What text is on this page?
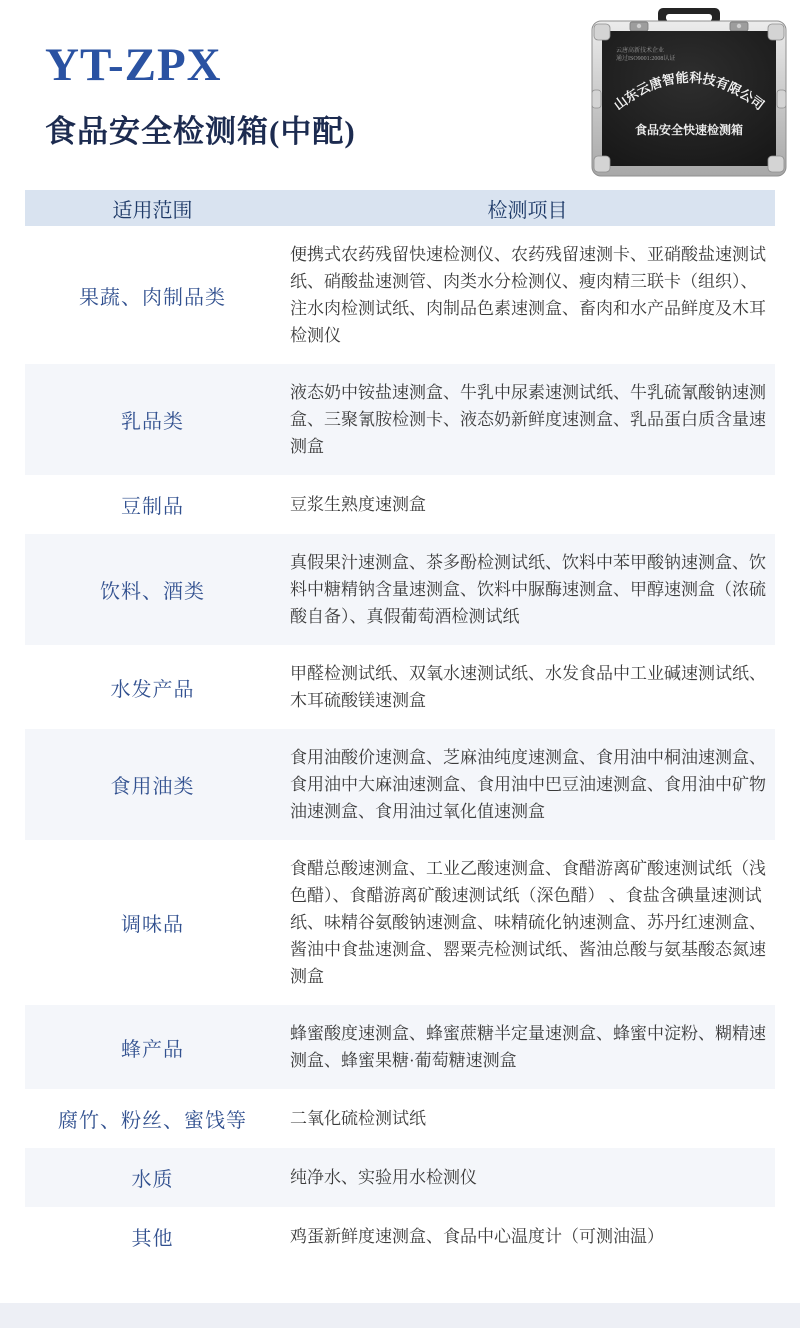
YT-ZPX
食品安全检测箱(中配)
云唐高新技术企业
通过ISO9001:2008认证
山东云唐智能科技有限公司
食品安全快速检测箱
适用范围	检测项目
果蔬、肉制品类	便携式农药残留快速检测仪、农药残留速测卡、亚硝酸盐速测试纸、硝酸盐速测管、肉类水分检测仪、瘦肉精三联卡（组织）、注水肉检测试纸、肉制品色素速测盒、畜肉和水产品鲜度及木耳检测仪
乳品类	液态奶中铵盐速测盒、牛乳中尿素速测试纸、牛乳硫氰酸钠速测盒、三聚氰胺检测卡、液态奶新鲜度速测盒、乳品蛋白质含量速测盒
豆制品	豆浆生熟度速测盒
饮料、酒类	真假果汁速测盒、茶多酚检测试纸、饮料中苯甲酸钠速测盒、饮料中糖精钠含量速测盒、饮料中脲酶速测盒、甲醇速测盒（浓硫酸自备）、真假葡萄酒检测试纸
水发产品	甲醛检测试纸、双氧水速测试纸、水发食品中工业碱速测试纸、木耳硫酸镁速测盒
食用油类	食用油酸价速测盒、芝麻油纯度速测盒、食用油中桐油速测盒、食用油中大麻油速测盒、食用油中巴豆油速测盒、食用油中矿物油速测盒、食用油过氧化值速测盒
调味品	食醋总酸速测盒、工业乙酸速测盒、食醋游离矿酸速测试纸（浅色醋）、食醋游离矿酸速测试纸（深色醋） 、食盐含碘量速测试纸、味精谷氨酸钠速测盒、味精硫化钠速测盒、苏丹红速测盒、酱油中食盐速测盒、罂粟壳检测试纸、酱油总酸与氨基酸态氮速测盒
蜂产品	蜂蜜酸度速测盒、蜂蜜蔗糖半定量速测盒、蜂蜜中淀粉、糊精速测盒、蜂蜜果糖·葡萄糖速测盒
腐竹、粉丝、蜜饯等	二氧化硫检测试纸
水质	纯净水、实验用水检测仪
其他	鸡蛋新鲜度速测盒、食品中心温度计（可测油温）
